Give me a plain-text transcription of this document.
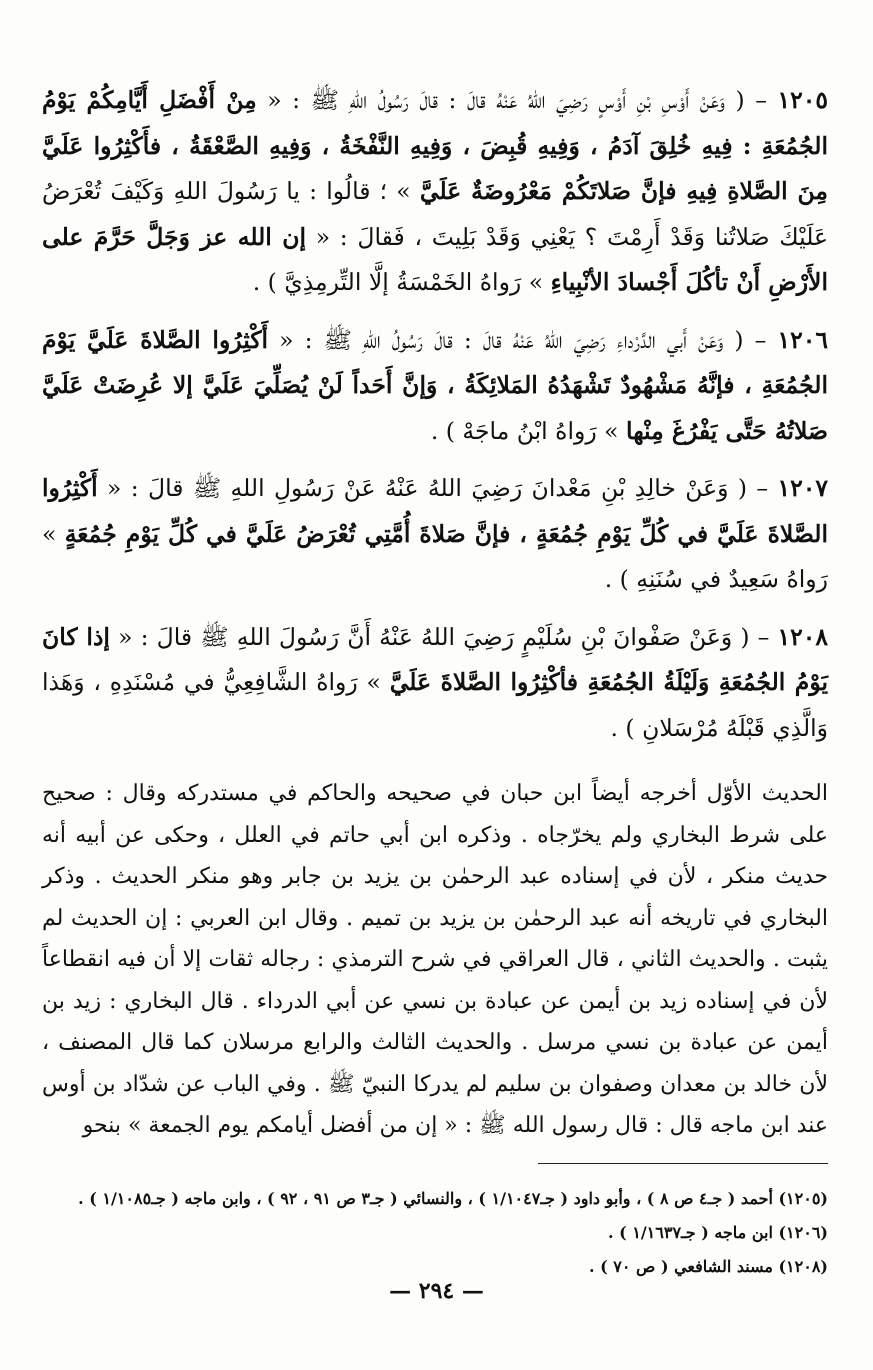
١٢٠٥ – ( وَعَنْ أَوْسِ بْنِ أَوْسٍ رَضِيَ اللهُ عَنْهُ قالَ : قالَ رَسُولُ اللهِ ﷺ : « مِنْ أَفْضَلِ أَيَّامِكُمْ يَوْمُ الجُمُعَةِ : فِيهِ خُلِقَ آدَمُ ، وَفِيهِ قُبِضَ ، وَفِيهِ النَّفْخَةُ ، وَفِيهِ الصَّعْقَةُ ، فأَكْثِرُوا عَلَيَّ مِنَ الصَّلاةِ فِيهِ فإنَّ صَلاتَكُمْ مَعْرُوضَةٌ عَلَيَّ » ؛ قالُوا : يا رَسُولَ اللهِ وَكَيْفَ تُعْرَضُ عَلَيْكَ صَلاتُنا وَقَدْ أَرِمْتَ ؟ يَعْنِي وَقَدْ بَلِيتَ ، فَقالَ : « إن الله عز وَجَلَّ حَرَّمَ على الأَرْضِ أَنْ تأكُلَ أَجْسادَ الأنْبِياءِ » رَواهُ الخَمْسَةُ إلَّا التِّرمِذِيَّ ) .

١٢٠٦ – ( وَعَنْ أَبي الدَّرْداءِ رَضِيَ اللهُ عَنْهُ قالَ : قالَ رَسُولُ اللهِ ﷺ : « أَكْثِرُوا الصَّلاةَ عَلَيَّ يَوْمَ الجُمُعَةِ ، فإنَّهُ مَشْهُودٌ تَشْهَدُهُ المَلائِكَةُ ، وَإنَّ أَحَداً لَنْ يُصَلِّيَ عَلَيَّ إلا عُرِضَتْ عَلَيَّ صَلاتُهُ حَتَّى يَفْرُغَ مِنْها » رَواهُ ابْنُ ماجَهْ ) .

١٢٠٧ – ( وَعَنْ خالِدِ بْنِ مَعْدانَ رَضِيَ اللهُ عَنْهُ عَنْ رَسُولِ اللهِ ﷺ قالَ : « أَكْثِرُوا الصَّلاةَ عَلَيَّ في كُلِّ يَوْمِ جُمُعَةٍ ، فإنَّ صَلاةَ أُمَّتِي تُعْرَضُ عَلَيَّ في كُلِّ يَوْمِ جُمُعَةٍ » رَواهُ سَعِيدٌ في سُنَنِهِ ) .

١٢٠٨ – ( وَعَنْ صَفْوانَ بْنِ سُلَيْمٍ رَضِيَ اللهُ عَنْهُ أَنَّ رَسُولَ اللهِ ﷺ قالَ : « إذا كانَ يَوْمُ الجُمُعَةِ وَلَيْلَةُ الجُمُعَةِ فأكْثِرُوا الصَّلاةَ عَلَيَّ » رَواهُ الشَّافِعِيُّ في مُسْنَدِهِ ، وَهَذا وَالَّذِي قَبْلَهُ مُرْسَلانِ ) .

الحديث الأوّل أخرجه أيضاً ابن حبان في صحيحه والحاكم في مستدركه وقال : صحيح على شرط البخاري ولم يخرّجاه . وذكره ابن أبي حاتم في العلل ، وحكى عن أبيه أنه حديث منكر ، لأن في إسناده عبد الرحمٰن بن يزيد بن جابر وهو منكر الحديث . وذكر البخاري في تاريخه أنه عبد الرحمٰن بن يزيد بن تميم . وقال ابن العربي : إن الحديث لم يثبت . والحديث الثاني ، قال العراقي في شرح الترمذي : رجاله ثقات إلا أن فيه انقطاعاً لأن في إسناده زيد بن أيمن عن عبادة بن نسي عن أبي الدرداء . قال البخاري : زيد بن أيمن عن عبادة بن نسي مرسل . والحديث الثالث والرابع مرسلان كما قال المصنف ، لأن خالد بن معدان وصفوان بن سليم لم يدركا النبيّ ﷺ . وفي الباب عن شدّاد بن أوس عند ابن ماجه قال : قال رسول الله ﷺ : « إن من أفضل أيامكم يوم الجمعة » بنحو

(١٢٠٥) أحمد ( جـ٤ ص ٨ ) ، وأبو داود ( جـ١/١٠٤٧ ) ، والنسائي ( جـ٣ ص ٩١ ، ٩٢ ) ، وابن ماجه ( جـ١/١٠٨٥ ) .

(١٢٠٦) ابن ماجه ( جـ١/١٦٣٧ ) .

(١٢٠٨) مسند الشافعي ( ص ٧٠ ) .

— ٢٩٤ —
